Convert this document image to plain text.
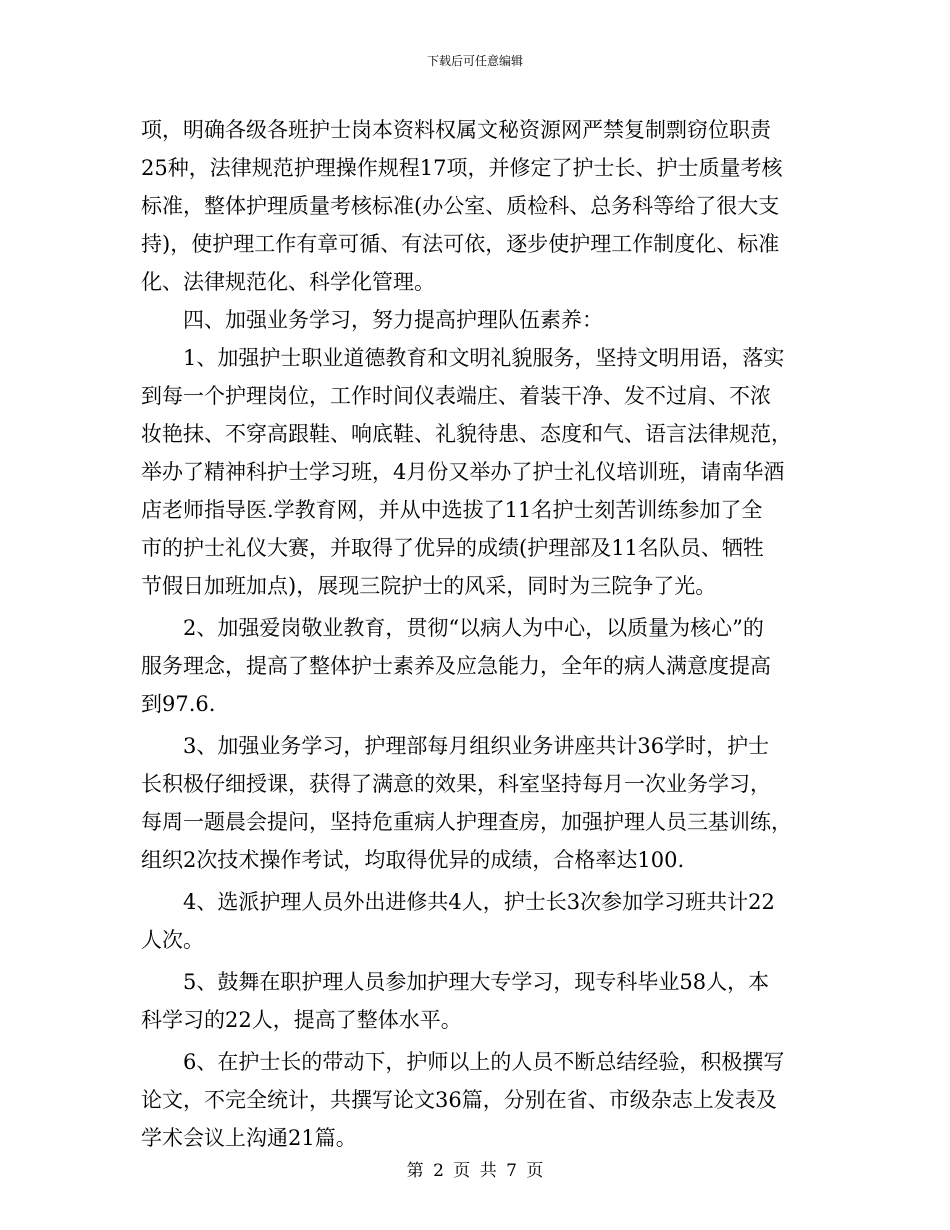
下载后可任意编辑
项，明确各级各班护士岗本资料权属文秘资源网严禁复制剽窃位职责
25种，法律规范护理操作规程17项，并修定了护士长、护士质量考核
标准，整体护理质量考核标准(办公室、质检科、总务科等给了很大支
持)，使护理工作有章可循、有法可依，逐步使护理工作制度化、标准
化、法律规范化、科学化管理。
四、加强业务学习，努力提高护理队伍素养：
1、加强护士职业道德教育和文明礼貌服务，坚持文明用语，落实
到每一个护理岗位，工作时间仪表端庄、着装干净、发不过肩、不浓
妆艳抹、不穿高跟鞋、响底鞋、礼貌待患、态度和气、语言法律规范，
举办了精神科护士学习班，4月份又举办了护士礼仪培训班，请南华酒
店老师指导医.学教育网，并从中选拔了11名护士刻苦训练参加了全
市的护士礼仪大赛，并取得了优异的成绩(护理部及11名队员、牺牲
节假日加班加点)，展现三院护士的风采，同时为三院争了光。
2、加强爱岗敬业教育，贯彻“以病人为中心，以质量为核心”的
服务理念，提高了整体护士素养及应急能力，全年的病人满意度提高
到97.6.
3、加强业务学习，护理部每月组织业务讲座共计36学时，护士
长积极仔细授课，获得了满意的效果，科室坚持每月一次业务学习，
每周一题晨会提问，坚持危重病人护理查房，加强护理人员三基训练，
组织2次技术操作考试，均取得优异的成绩，合格率达100.
4、选派护理人员外出进修共4人，护士长3次参加学习班共计22
人次。
5、鼓舞在职护理人员参加护理大专学习，现专科毕业58人，本
科学习的22人，提高了整体水平。
6、在护士长的带动下，护师以上的人员不断总结经验，积极撰写
论文，不完全统计，共撰写论文36篇，分别在省、市级杂志上发表及
学术会议上沟通21篇。
第 2 页 共 7 页
